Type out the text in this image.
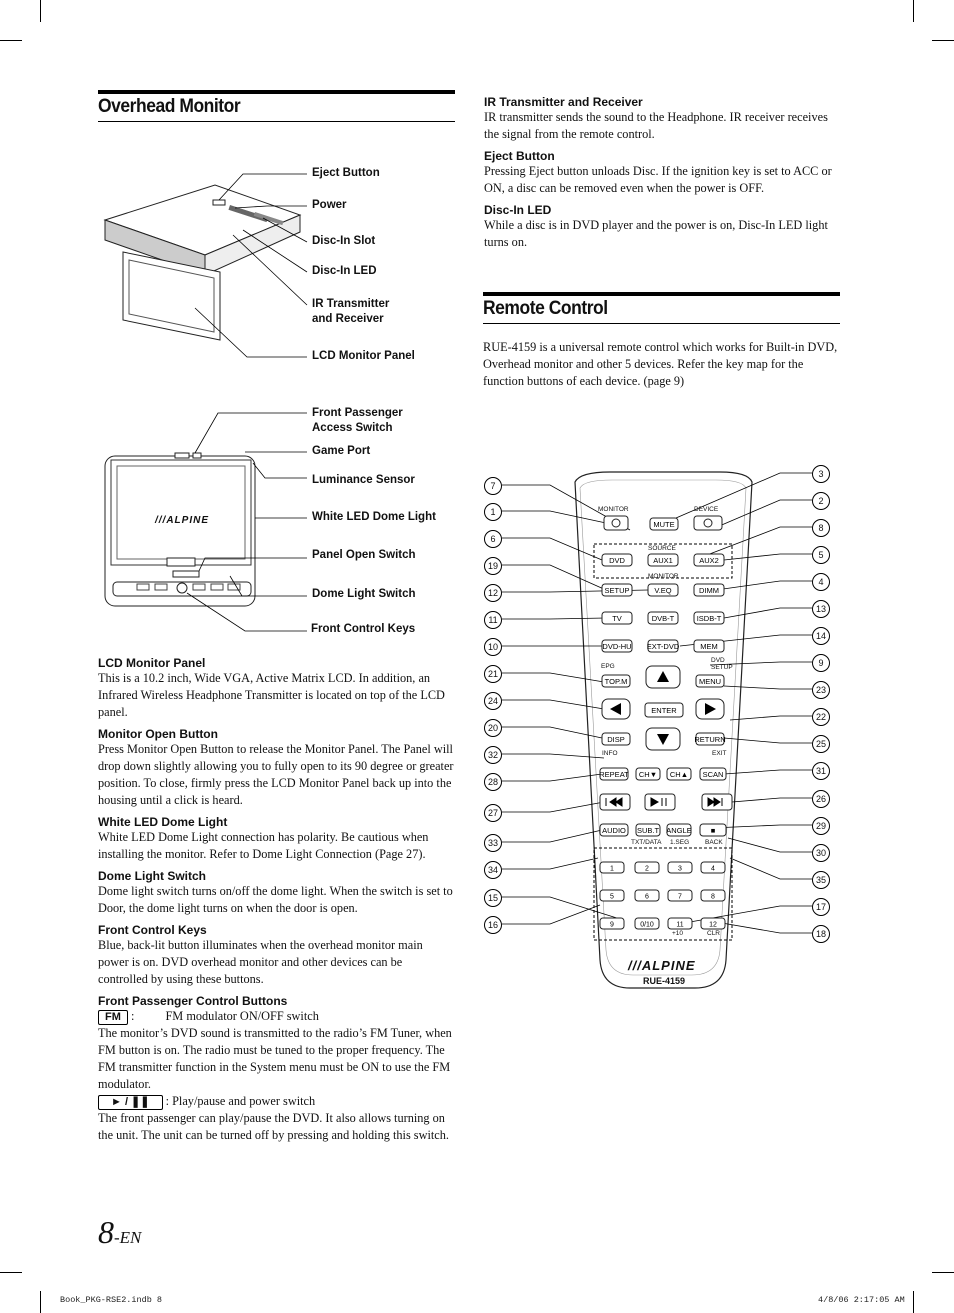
Overhead Monitor
Eject Button
Power
Disc-In Slot
Disc-In LED
IR Transmitter
and Receiver
LCD Monitor Panel
///ALPINE
Front Passenger
Access Switch
Game Port
Luminance Sensor
White LED Dome Light
Panel Open Switch
Dome Light Switch
Front Control Keys

LCD Monitor Panel

This is a 10.2 inch, Wide VGA, Active Matrix LCD. In addition, an Infrared Wireless Headphone Transmitter is located on top of the LCD panel.

Monitor Open Button

Press Monitor Open Button to release the Monitor Panel. The Panel will drop down slightly allowing you to fully open to its 90 degree or greater position. To close, firmly press the LCD Monitor Panel back up into the housing until a click is heard.

White LED Dome Light

White LED Dome Light connection has polarity. Be cautious when installing the monitor. Refer to Dome Light Connection (Page 27).

Dome Light Switch

Dome light switch turns on/off the dome light. When the switch is set to Door, the dome light turns on when the door is open.

Front Control Keys

Blue, back-lit button illuminates when the overhead monitor main power is on. DVD overhead monitor and other devices can be controlled by using these buttons.

Front Passenger Control Buttons

FM :	FM modulator ON/OFF switch

The monitor’s DVD sound is transmitted to the radio’s FM Tuner, when FM button is on. The radio must be tuned to the proper frequency. The FM transmitter function in the System menu must be ON to use the FM modulator.

► / ❚❚ : Play/pause and power switch

The front passenger can play/pause the DVD. It also allows turning on the unit. The unit can be turned off by pressing and holding this switch.

IR Transmitter and Receiver

IR transmitter sends the sound to the Headphone. IR receiver receives the signal from the remote control.

Eject Button

Pressing Eject button unloads Disc. If the ignition key is set to ACC or ON, a disc can be removed even when the power is OFF.

Disc-In LED

While a disc is in DVD player and the power is on, Disc-In LED light turns on.

Remote Control

RUE-4159 is a universal remote control which works for Built-in DVD, Overhead monitor and other 5 devices. Refer the key map for the function buttons of each device. (page 9)

MUTE
DVD	AUX1	AUX2
SETUP	V.EQ	DIMM
TV	DVB-T	ISDB-T
DVD-HU EXT-DVD	MEM
TOP.M	MENU
ENTER
DISP	RETURN
REPEAT CH▼ CH▲ SCAN
AUDIO SUB.T ANGLE	■
1	2	3	4
5	6	7	8
9	0/10	11	12
MONITOR	DEVICE
SOURCE
MONITOR
EPG
DVD
SETUP
INFO	EXIT
TXT/DATA 1.SEG BACK
+10	CLR
///ALPINE
RUE-4159
7
1
6
19
12
11
10
21
24
20
32
28
27
33
34
15
16
3
2
8
5
4
13
14
9
23
22
25
31
26
29
30
35
17
18
8-EN
Book_PKG-RSE2.indb 8	4/8/06 2:17:05 AM
